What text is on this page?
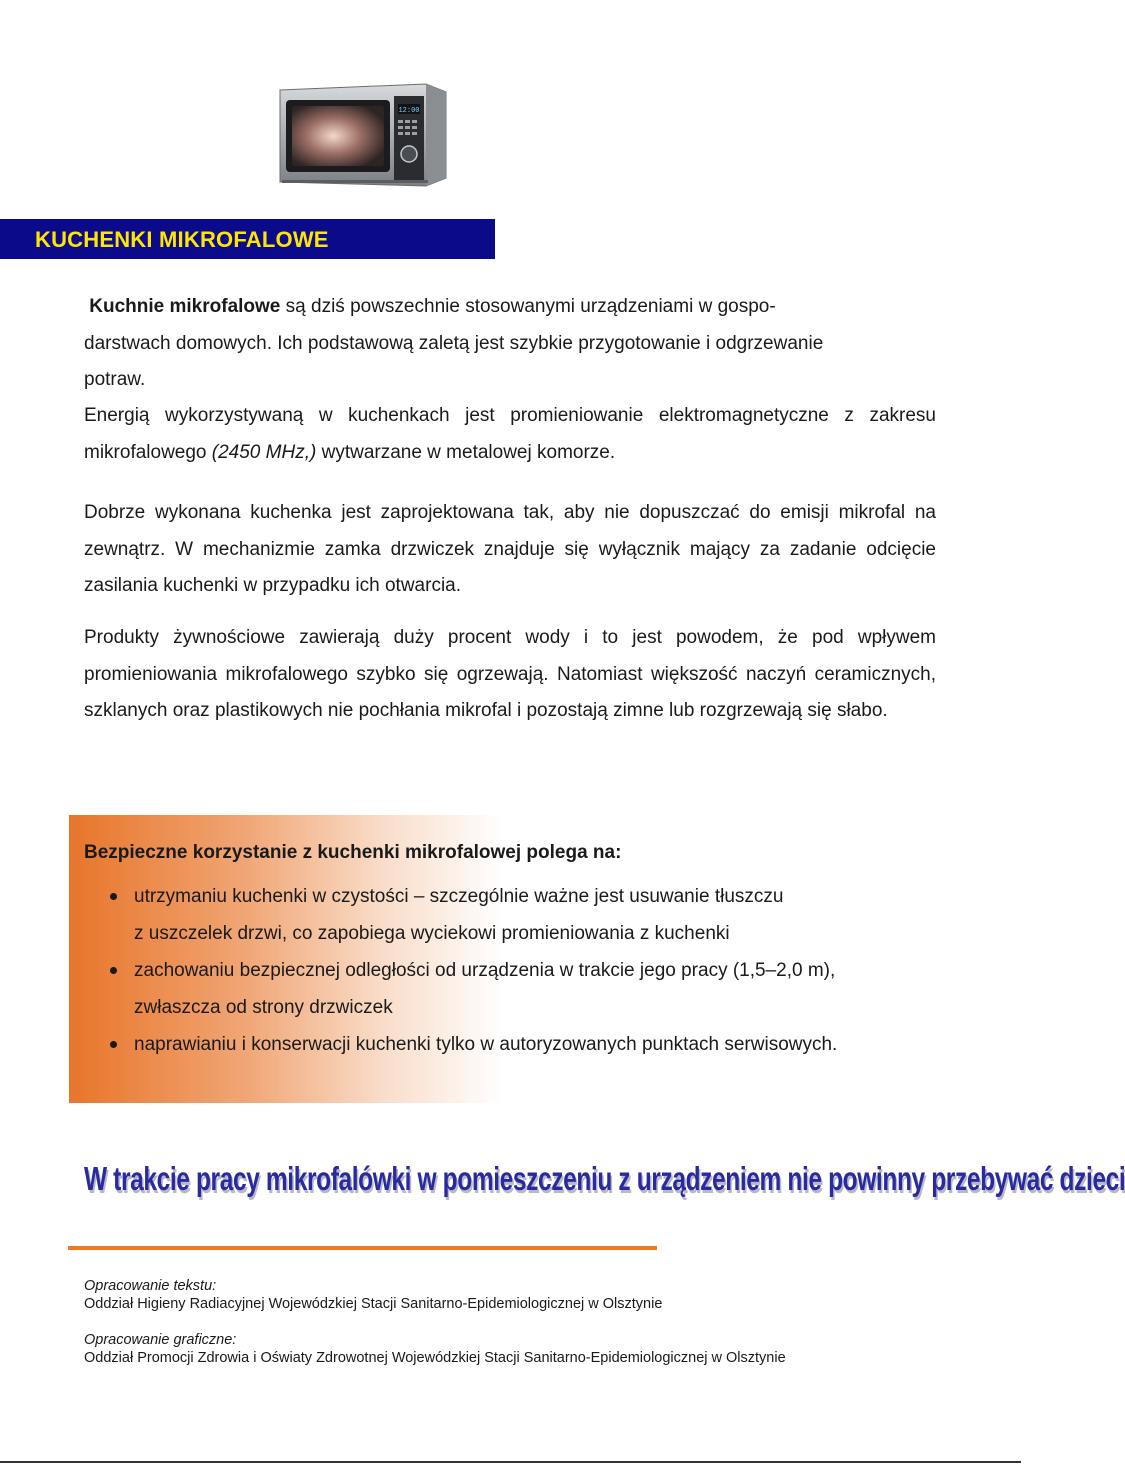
12:00
KUCHENKI MIKROFALOWE
Kuchnie mikrofalowe są dziś powszechnie stosowanymi urządzeniami w gospo-
darstwach domowych. Ich podstawową zaletą jest szybkie przygotowanie i odgrzewanie
potraw.

Energią wykorzystywaną w kuchenkach jest promieniowanie elektromagnetyczne z zakresu mikrofalowego (2450 MHz,) wytwarzane w metalowej komorze.

Dobrze wykonana kuchenka jest zaprojektowana tak, aby nie dopuszczać do emisji mikrofal na zewnątrz. W mechanizmie zamka drzwiczek znajduje się wyłącznik mający za zadanie odcięcie zasilania kuchenki w przypadku ich otwarcia.

Produkty żywnościowe zawierają duży procent wody i to jest powodem, że pod wpływem promieniowania mikrofalowego szybko się ogrzewają. Natomiast większość naczyń ceramicznych, szklanych oraz plastikowych nie pochłania mikrofal i pozostają zimne lub rozgrzewają się słabo.

Bezpieczne korzystanie z kuchenki mikrofalowej polega na:

utrzymaniu kuchenki w czystości – szczególnie ważne jest usuwanie tłuszczu
z uszczelek drzwi, co zapobiega wyciekowi promieniowania z kuchenki
zachowaniu bezpiecznej odległości od urządzenia w trakcie jego pracy (1,5–2,0 m),
zwłaszcza od strony drzwiczek
naprawianiu i konserwacji kuchenki tylko w autoryzowanych punktach serwisowych.
W trakcie pracy mikrofalówki w pomieszczeniu z urządzeniem nie powinny przebywać dzieci

Opracowanie tekstu:

Oddział Higieny Radiacyjnej Wojewódzkiej Stacji Sanitarno-Epidemiologicznej w Olsztynie

Opracowanie graficzne:

Oddział Promocji Zdrowia i Oświaty Zdrowotnej Wojewódzkiej Stacji Sanitarno-Epidemiologicznej w Olsztynie
